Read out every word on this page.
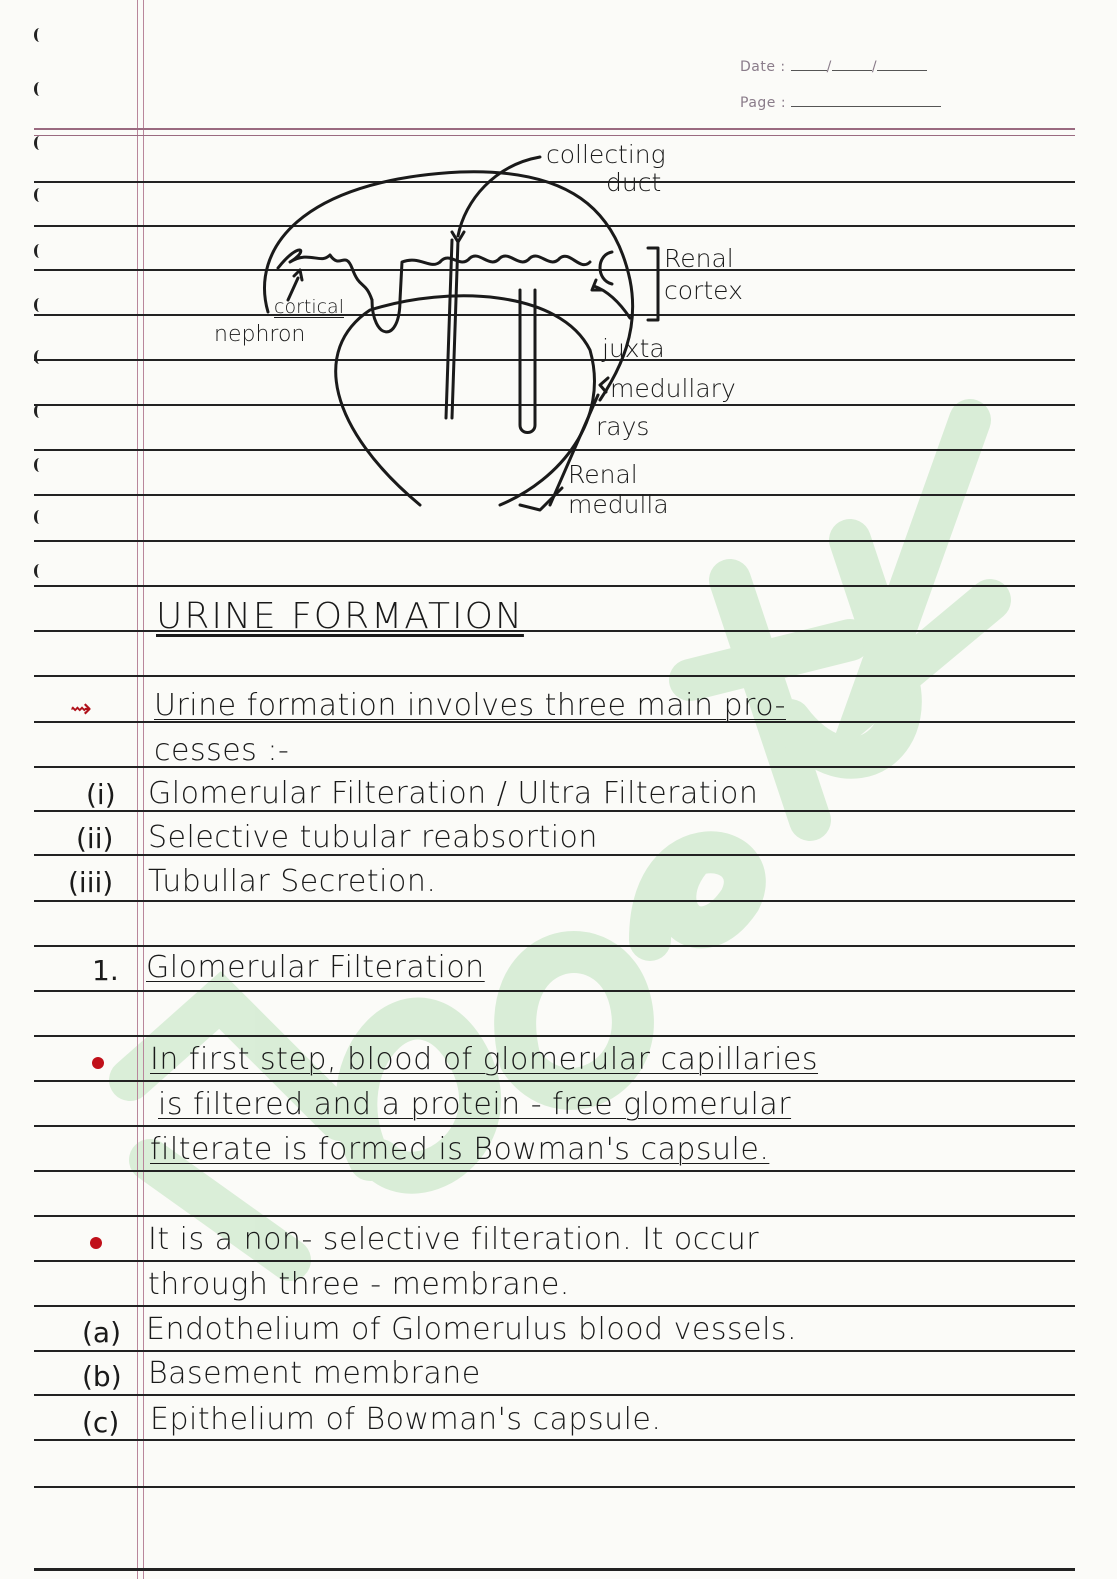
Date :	/	/
Page :
collecting
duct
Renal
cortex
cortical
nephron	juxta
medullary
rays
Renal
medulla
URINE FORMATION
⇝ Urine formation involves three main pro-
cesses :-
(i) Glomerular Filteration / Ultra Filteration
(ii) Selective tubular reabsortion
(iii) Tubullar Secretion.
1. Glomerular Filteration
In first step, blood of glomerular capillaries
is filtered and a protein - free glomerular
filterate is formed is Bowman's capsule.
It is a non- selective filteration. It occur
through three - membrane.
(a) Endothelium of Glomerulus blood vessels.
(b) Basement membrane
(c) Epithelium of Bowman's capsule.
